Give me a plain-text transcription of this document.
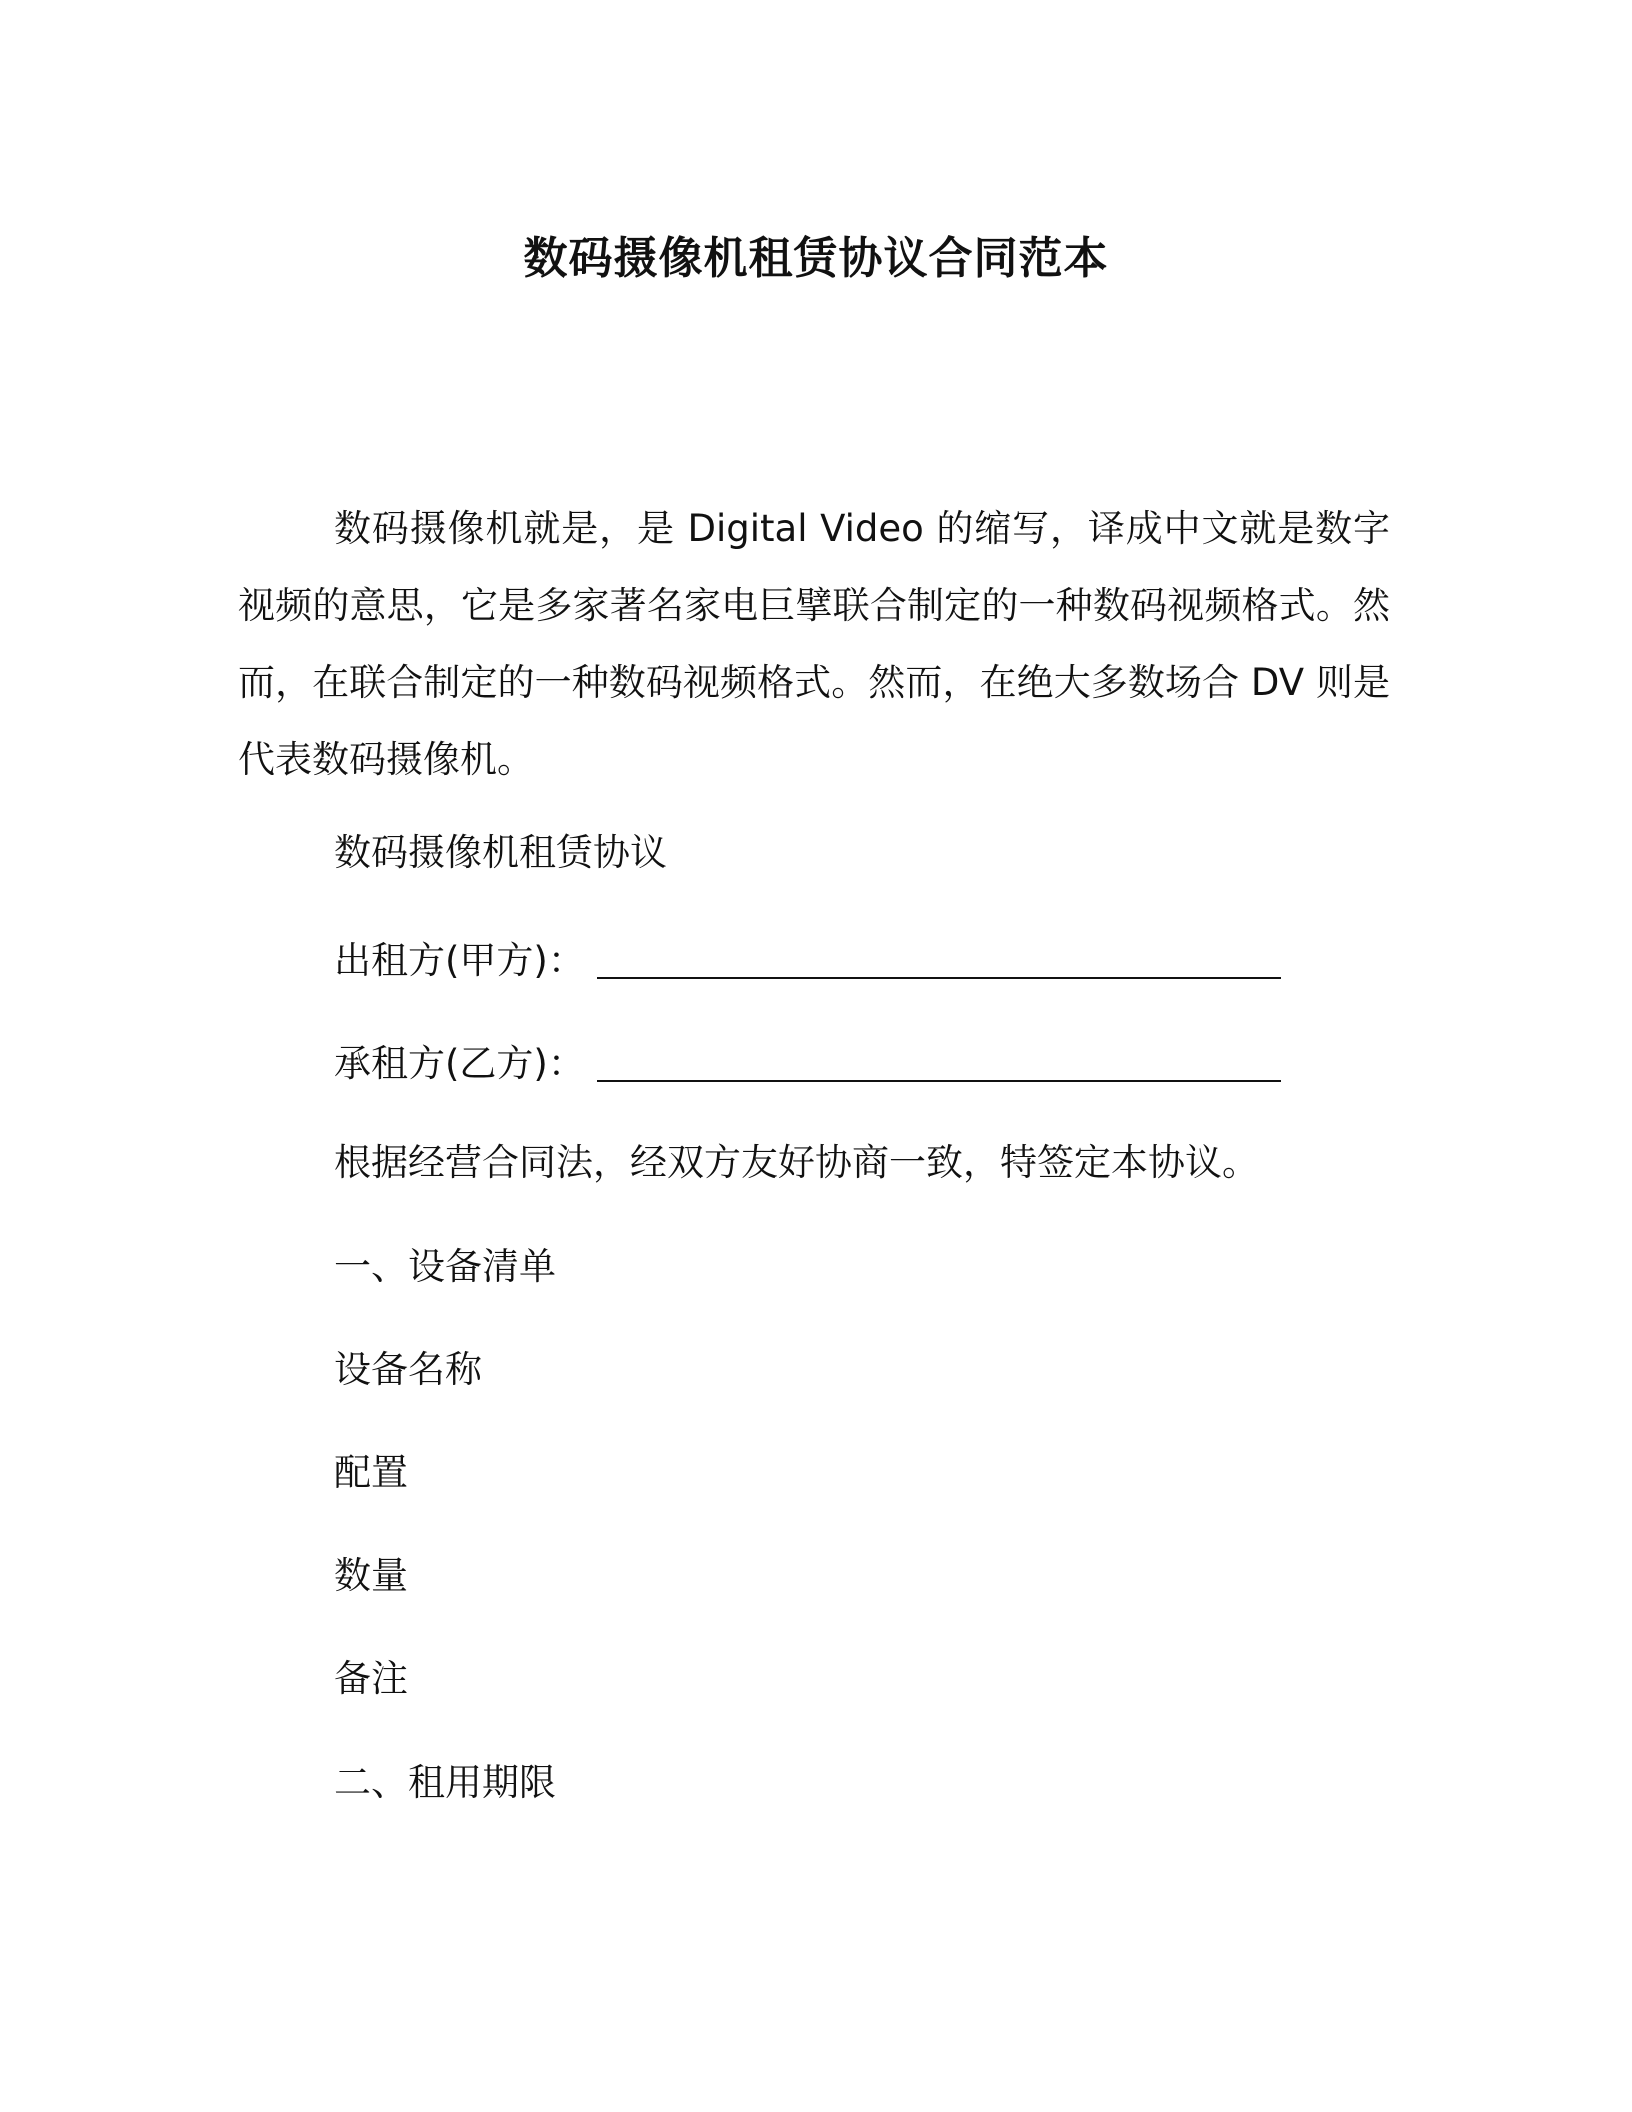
数码摄像机租赁协议合同范本

数码摄像机就是，是 Digital Video 的缩写，译成中文就是数字视频的意思，它是多家著名家电巨擘联合制定的一种数码视频格式。然而，在联合制定的一种数码视频格式。然而，在绝大多数场合 DV 则是代表数码摄像机。

数码摄像机租赁协议
出租方(甲方)：
承租方(乙方)：
根据经营合同法，经双方友好协商一致，特签定本协议。
一、设备清单
设备名称
配置
数量
备注
二、租用期限
